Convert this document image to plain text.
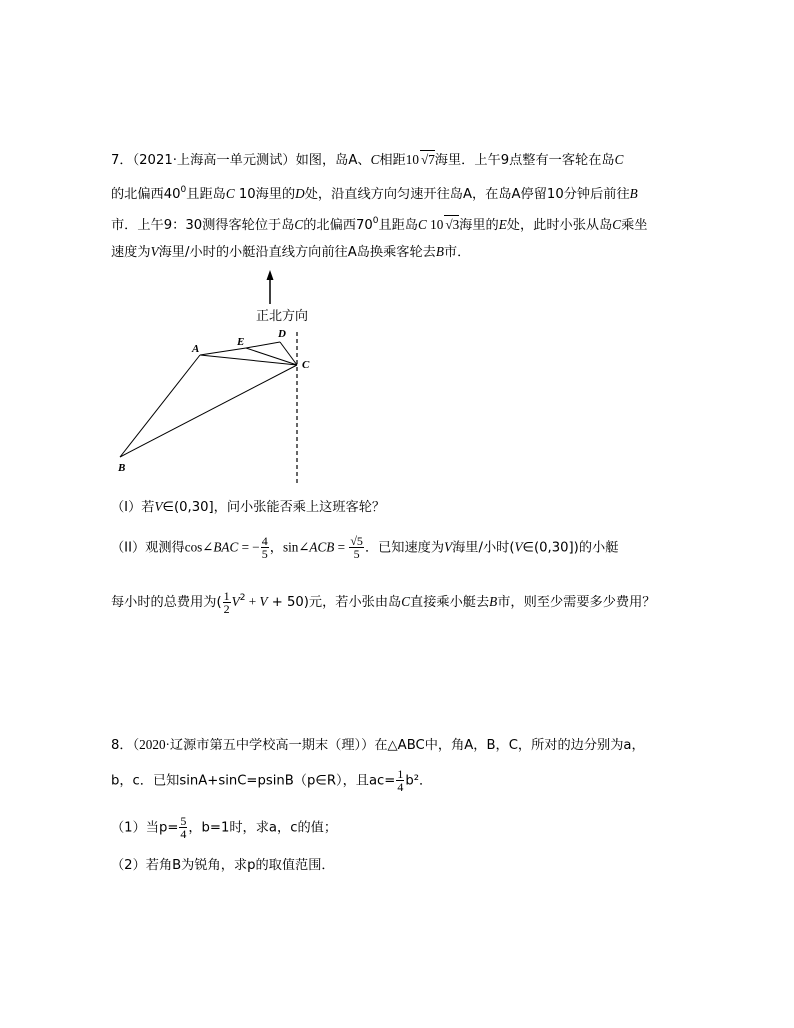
7．（2021·上海高一单元测试）如图，岛A、C相距10 √7海里．上午9点整有一客轮在岛C
的北偏西$40^0$且距岛C 10海里的D处，沿直线方向匀速开往岛A，在岛A停留10分钟后前往B
市．上午9：30测得客轮位于岛C的北偏西$70^0$且距岛C 10 √3海里的E处，此时小张从岛C乘坐
速度为V海里/小时的小艇沿直线方向前往A岛换乘客轮去B市．
正北方向
A
B
C
D
E
（I）若V∈(0,30]，问小张能否乘上这班客轮？
（II）观测得cos∠BAC = − $\frac{4}{5}$ ，sin∠ACB = $\frac{√5}{5}$ ．已知速度为V海里/小时(V∈(0,30])的小艇
每小时的总费用为( $\frac{1}{2} V^2 + V + 50$)元，若小张由岛C直接乘小艇去B市，则至少需要多少费用？
8．（2020·辽源市第五中学校高一期末（理））在△ABC中，角A，B，C，所对的边分别为a，
b，c．已知sinA+sinC=psinB（p∈R），且$ac= \frac{1}{4} b^2$．
（1）当$p= \frac{5}{4}$ ，b=1时，求a，c的值；
（2）若角B为锐角，求p的取值范围．
